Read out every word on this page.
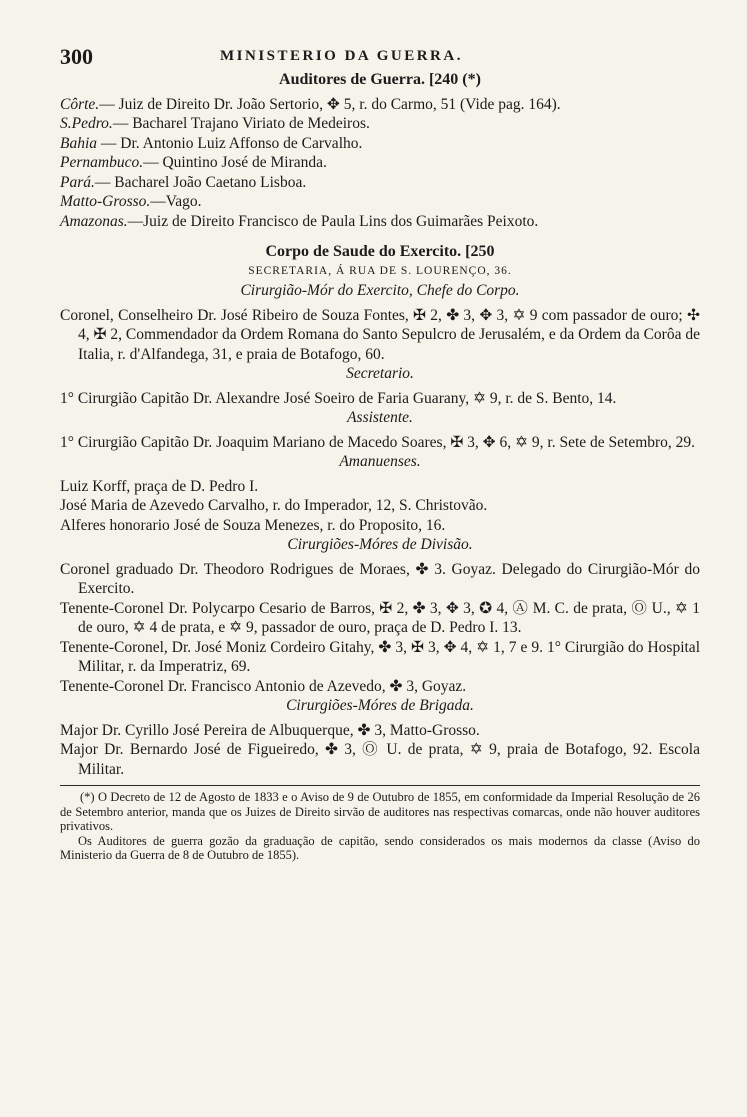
300	MINISTERIO DA GUERRA.
Auditores de Guerra. [240 (*)
Côrte.— Juiz de Direito Dr. João Sertorio, ✥ 5, r. do Carmo, 51 (Vide pag. 164).
S.Pedro.— Bacharel Trajano Viriato de Medeiros.
Bahia — Dr. Antonio Luiz Affonso de Carvalho.
Pernambuco.— Quintino José de Miranda.
Pará.— Bacharel João Caetano Lisboa.
Matto-Grosso.—Vago.
Amazonas.—Juiz de Direito Francisco de Paula Lins dos Guimarães Peixoto.
Corpo de Saude do Exercito. [250
SECRETARIA, Á RUA DE S. LOURENÇO, 36.
Cirurgião-Mór do Exercito, Chefe do Corpo.
Coronel, Conselheiro Dr. José Ribeiro de Souza Fontes, ✠ 2, ✤ 3, ✥ 3, ✡ 9 com passador de ouro; ✣ 4, ✠ 2, Commendador da Ordem Romana do Santo Sepulcro de Jerusalém, e da Ordem da Corôa de Italia, r. d'Alfandega, 31, e praia de Botafogo, 60.
Secretario.
1° Cirurgião Capitão Dr. Alexandre José Soeiro de Faria Guarany, ✡ 9, r. de S. Bento, 14.
Assistente.
1° Cirurgião Capitão Dr. Joaquim Mariano de Macedo Soares, ✠ 3, ✥ 6, ✡ 9, r. Sete de Setembro, 29.
Amanuenses.
Luiz Korff, praça de D. Pedro I.
José Maria de Azevedo Carvalho, r. do Imperador, 12, S. Christovão.
Alferes honorario José de Souza Menezes, r. do Proposito, 16.
Cirurgiões-Móres de Divisão.
Coronel graduado Dr. Theodoro Rodrigues de Moraes, ✤ 3. Goyaz. Delegado do Cirurgião-Mór do Exercito.
Tenente-Coronel Dr. Polycarpo Cesario de Barros, ✠ 2, ✤ 3, ✥ 3, ✪ 4, Ⓐ M. C. de prata, Ⓞ U., ✡ 1 de ouro, ✡ 4 de prata, e ✡ 9, passador de ouro, praça de D. Pedro I. 13.
Tenente-Coronel, Dr. José Moniz Cordeiro Gitahy, ✤ 3, ✠ 3, ✥ 4, ✡ 1, 7 e 9. 1° Cirurgião do Hospital Militar, r. da Imperatriz, 69.
Tenente-Coronel Dr. Francisco Antonio de Azevedo, ✤ 3, Goyaz.
Cirurgiões-Móres de Brigada.
Major Dr. Cyrillo José Pereira de Albuquerque, ✤ 3, Matto-Grosso.
Major Dr. Bernardo José de Figueiredo, ✤ 3, Ⓞ U. de prata, ✡ 9, praia de Botafogo, 92. Escola Militar.

(*) O Decreto de 12 de Agosto de 1833 e o Aviso de 9 de Outubro de 1855, em conformidade da Imperial Resolução de 26 de Setembro anterior, manda que os Juizes de Direito sirvão de auditores nas respectivas comarcas, onde não houver auditores privativos.

Os Auditores de guerra gozão da graduação de capitão, sendo considerados os mais modernos da classe (Aviso do Ministerio da Guerra de 8 de Outubro de 1855).
